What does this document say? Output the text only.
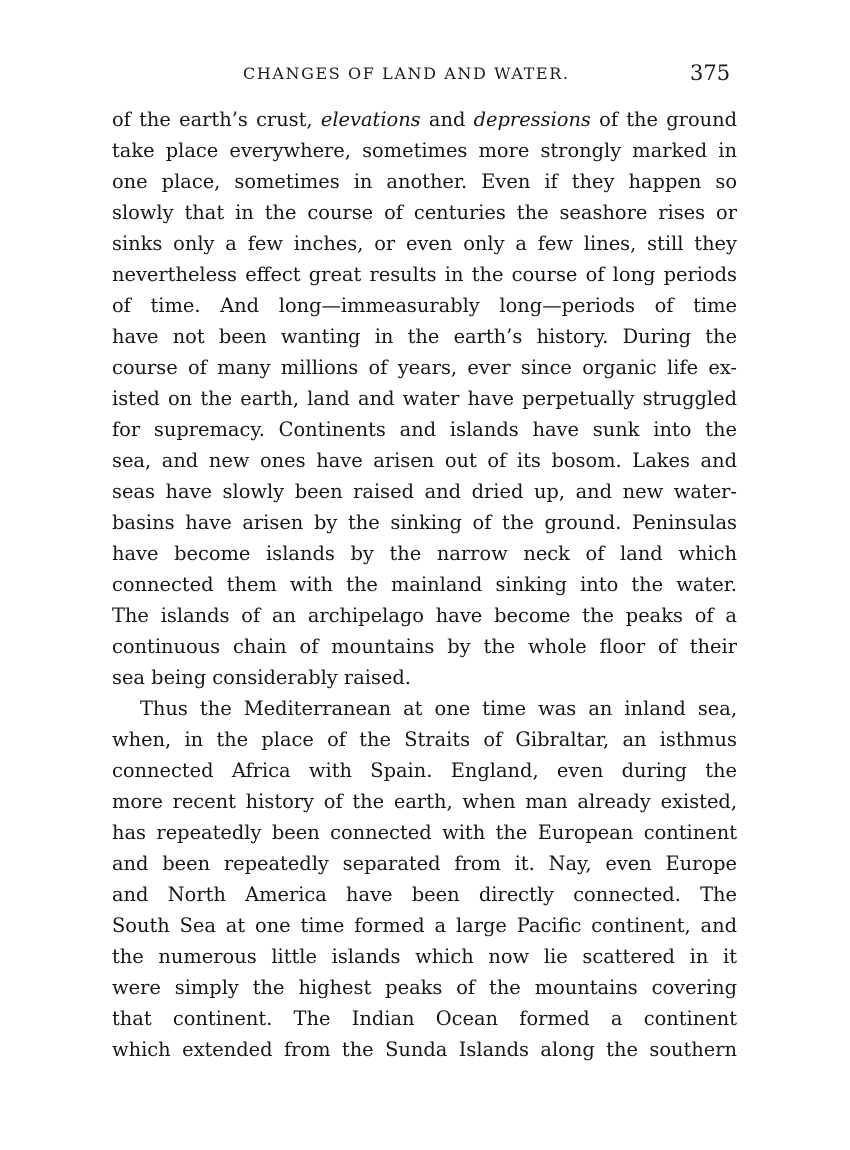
CHANGES OF LAND AND WATER.	375
of the earth’s crust, elevations and depressions of the ground
take place everywhere, sometimes more strongly marked in
one place, sometimes in another. Even if they happen so
slowly that in the course of centuries the seashore rises or
sinks only a few inches, or even only a few lines, still they
nevertheless effect great results in the course of long periods
of time. And long—immeasurably long—periods of time
have not been wanting in the earth’s history. During the
course of many millions of years, ever since organic life ex-
isted on the earth, land and water have perpetually struggled
for supremacy. Continents and islands have sunk into the
sea, and new ones have arisen out of its bosom. Lakes and
seas have slowly been raised and dried up, and new water-
basins have arisen by the sinking of the ground. Peninsulas
have become islands by the narrow neck of land which
connected them with the mainland sinking into the water.
The islands of an archipelago have become the peaks of a
continuous chain of mountains by the whole floor of their
sea being considerably raised.
Thus the Mediterranean at one time was an inland sea,
when, in the place of the Straits of Gibraltar, an isthmus
connected Africa with Spain. England, even during the
more recent history of the earth, when man already existed,
has repeatedly been connected with the European continent
and been repeatedly separated from it. Nay, even Europe
and North America have been directly connected. The
South Sea at one time formed a large Pacific continent, and
the numerous little islands which now lie scattered in it
were simply the highest peaks of the mountains covering
that continent. The Indian Ocean formed a continent
which extended from the Sunda Islands along the southern
